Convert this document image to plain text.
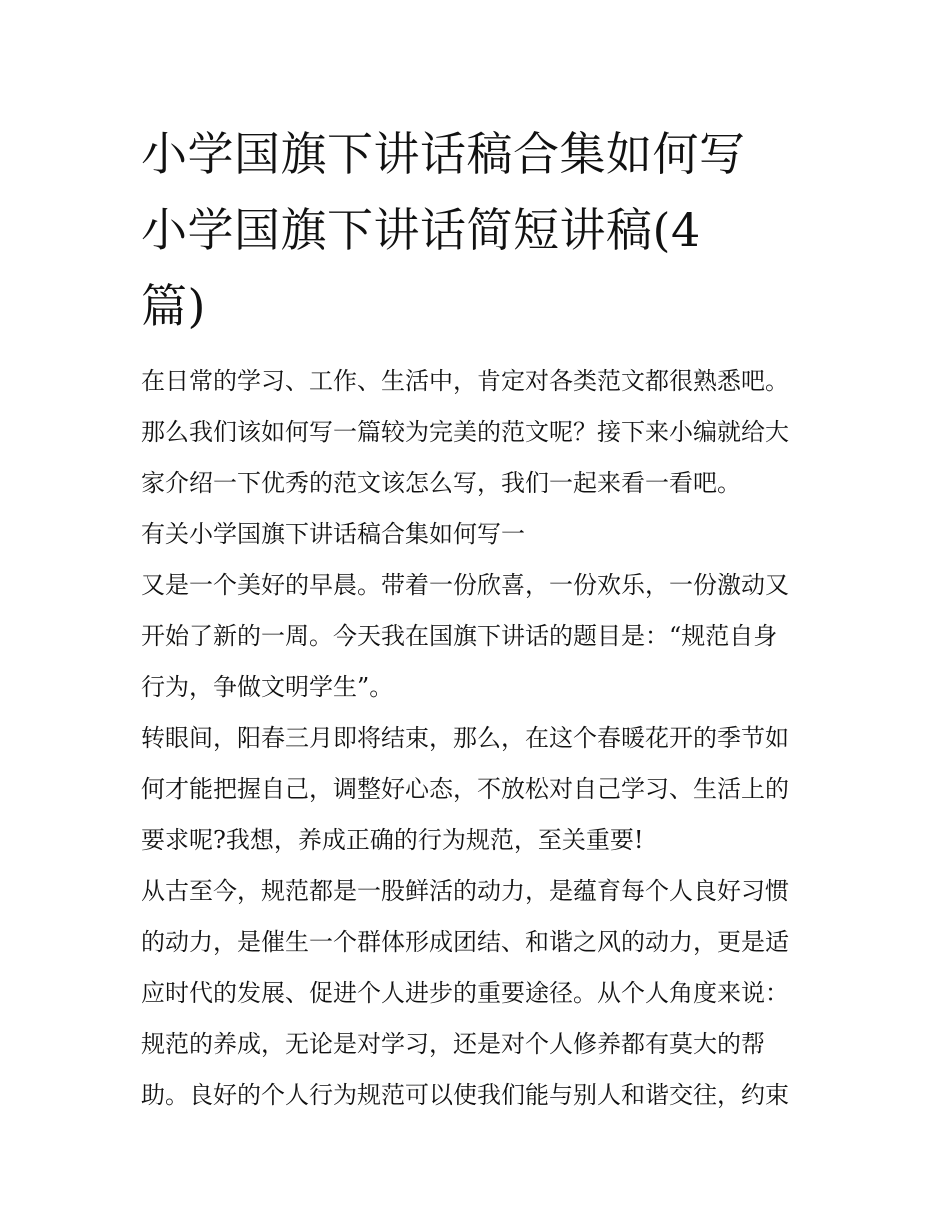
小学国旗下讲话稿合集如何写
小学国旗下讲话简短讲稿(4
篇)
在日常的学习、工作、生活中，肯定对各类范文都很熟悉吧。
那么我们该如何写一篇较为完美的范文呢？接下来小编就给大
家介绍一下优秀的范文该怎么写，我们一起来看一看吧。
有关小学国旗下讲话稿合集如何写一
又是一个美好的早晨。带着一份欣喜，一份欢乐，一份激动又
开始了新的一周。今天我在国旗下讲话的题目是：“规范自身
行为，争做文明学生”。
转眼间，阳春三月即将结束，那么，在这个春暖花开的季节如
何才能把握自己，调整好心态，不放松对自己学习、生活上的
要求呢?我想，养成正确的行为规范，至关重要!
从古至今，规范都是一股鲜活的动力，是蕴育每个人良好习惯
的动力，是催生一个群体形成团结、和谐之风的动力，更是适
应时代的发展、促进个人进步的重要途径。从个人角度来说：
规范的养成，无论是对学习，还是对个人修养都有莫大的帮
助。良好的个人行为规范可以使我们能与别人和谐交往，约束
